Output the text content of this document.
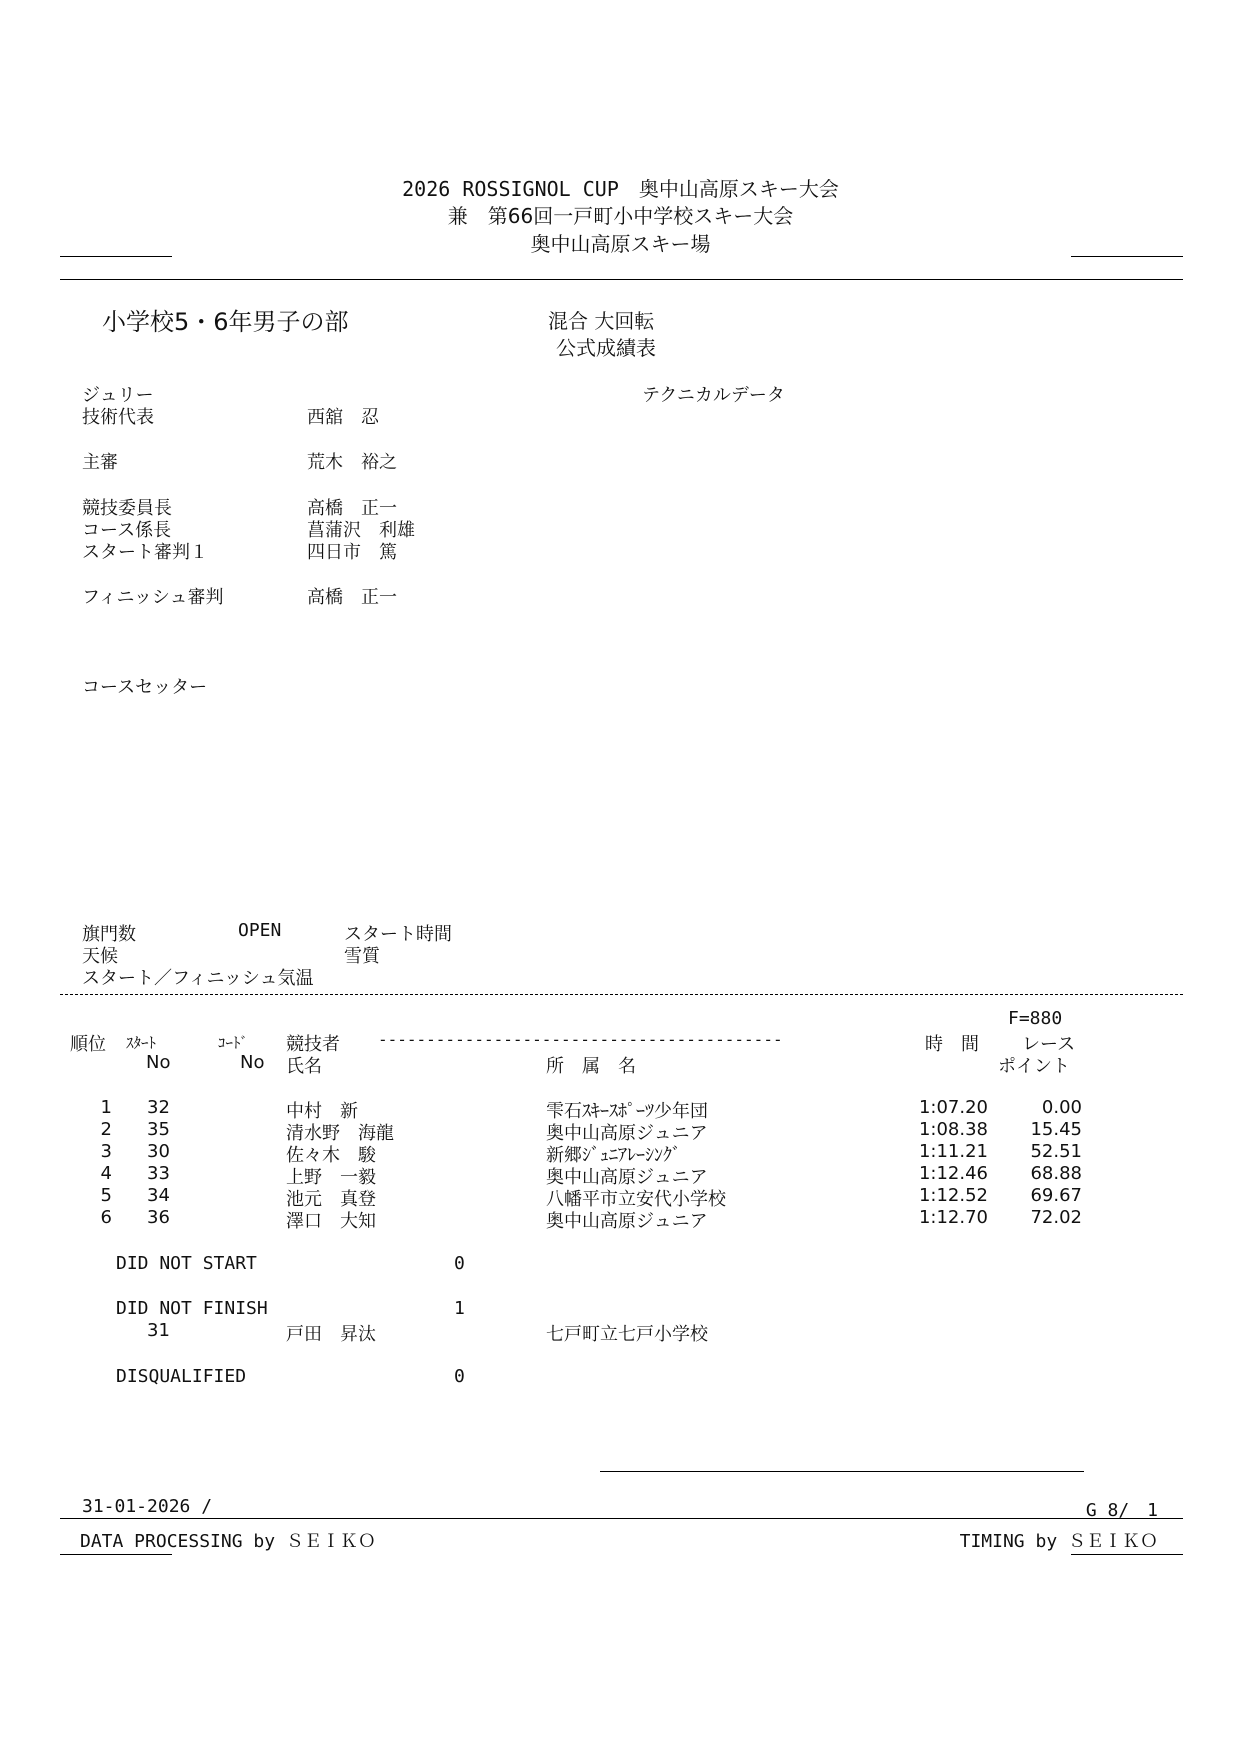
2026 ROSSIGNOL CUP　奥中山高原スキー大会
兼　第66回一戸町小中学校スキー大会
奥中山高原スキー場
小学校5・6年男子の部	混合 大回転
公式成績表
ジュリー	テクニカルデータ
技術代表	西舘　忍
主審	荒木　裕之
競技委員長	高橋　正一
コース係長	菖蒲沢　利雄
スタート審判１	四日市　篤
フィニッシュ審判	高橋　正一
コースセッター
旗門数	OPEN	スタート時間
天候	雪質
スタート／フィニッシュ気温
F=880
順位 ｽﾀｰﾄ	ｺｰﾄﾞ 競技者 ------------------------------------------	時　間 レース
No	No 氏名	所　属　名	ポイント
1 32	中村　新	雫石ｽｷｰｽﾎﾟｰﾂ少年団	1:07.20	0.00
2 35	清水野　海龍	奥中山高原ジュニア	1:08.38	15.45
3 30	佐々木　駿	新郷ｼﾞｭﾆｱﾚｰｼﾝｸﾞ	1:11.21	52.51
4 33	上野　一毅	奥中山高原ジュニア	1:12.46	68.88
5 34	池元　真登	八幡平市立安代小学校	1:12.52	69.67
6 36	澤口　大知	奥中山高原ジュニア	1:12.70	72.02
DID NOT START	0
DID NOT FINISH	1
31	戸田　昇汰	七戸町立七戸小学校
DISQUALIFIED	0
31-01-2026 /	G 8/　1
DATA PROCESSING by ＳＥＩＫＯ	TIMING by ＳＥＩＫＯ
